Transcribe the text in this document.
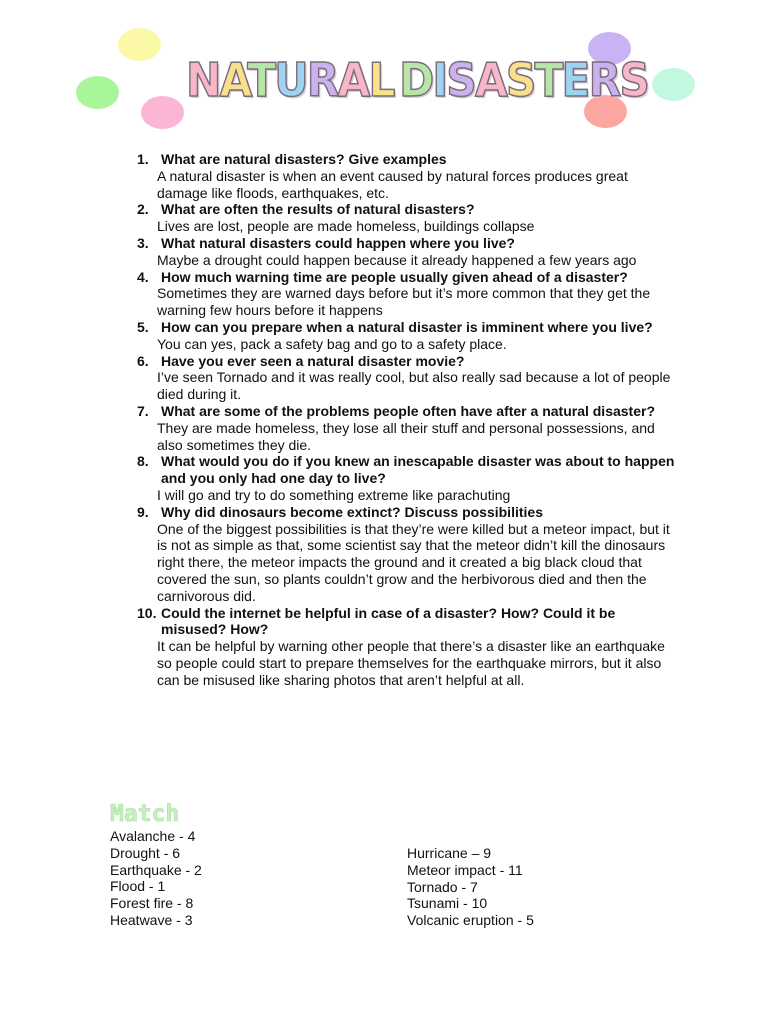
NATURAL DISASTERS
1. What are natural disasters? Give examples
A natural disaster is when an event caused by natural forces produces great damage like floods, earthquakes, etc.
2. What are often the results of natural disasters?
Lives are lost, people are made homeless, buildings collapse
3. What natural disasters could happen where you live?
Maybe a drought could happen because it already happened a few years ago
4. How much warning time are people usually given ahead of a disaster?
Sometimes they are warned days before but it’s more common that they get the warning few hours before it happens
5. How can you prepare when a natural disaster is imminent where you live?
You can yes, pack a safety bag and go to a safety place.
6. Have you ever seen a natural disaster movie?
I’ve seen Tornado and it was really cool, but also really sad because a lot of people died during it.
7. What are some of the problems people often have after a natural disaster?
They are made homeless, they lose all their stuff and personal possessions, and also sometimes they die.
8. What would you do if you knew an inescapable disaster was about to happen and you only had one day to live?
I will go and try to do something extreme like parachuting
9. Why did dinosaurs become extinct? Discuss possibilities
One of the biggest possibilities is that they’re were killed but a meteor impact, but it is not as simple as that, some scientist say that the meteor didn’t kill the dinosaurs right there, the meteor impacts the ground and it created a big black cloud that covered the sun, so plants couldn’t grow and the herbivorous died and then the carnivorous did.
10. Could the internet be helpful in case of a disaster? How? Could it be misused? How?
It can be helpful by warning other people that there’s a disaster like an earthquake so people could start to prepare themselves for the earthquake mirrors, but it also can be misused like sharing photos that aren’t helpful at all.
Match
Avalanche - 4
Drought - 6
Earthquake - 2
Flood - 1
Forest fire - 8
Heatwave - 3
Hurricane – 9
Meteor impact - 11
Tornado - 7
Tsunami - 10
Volcanic eruption - 5
